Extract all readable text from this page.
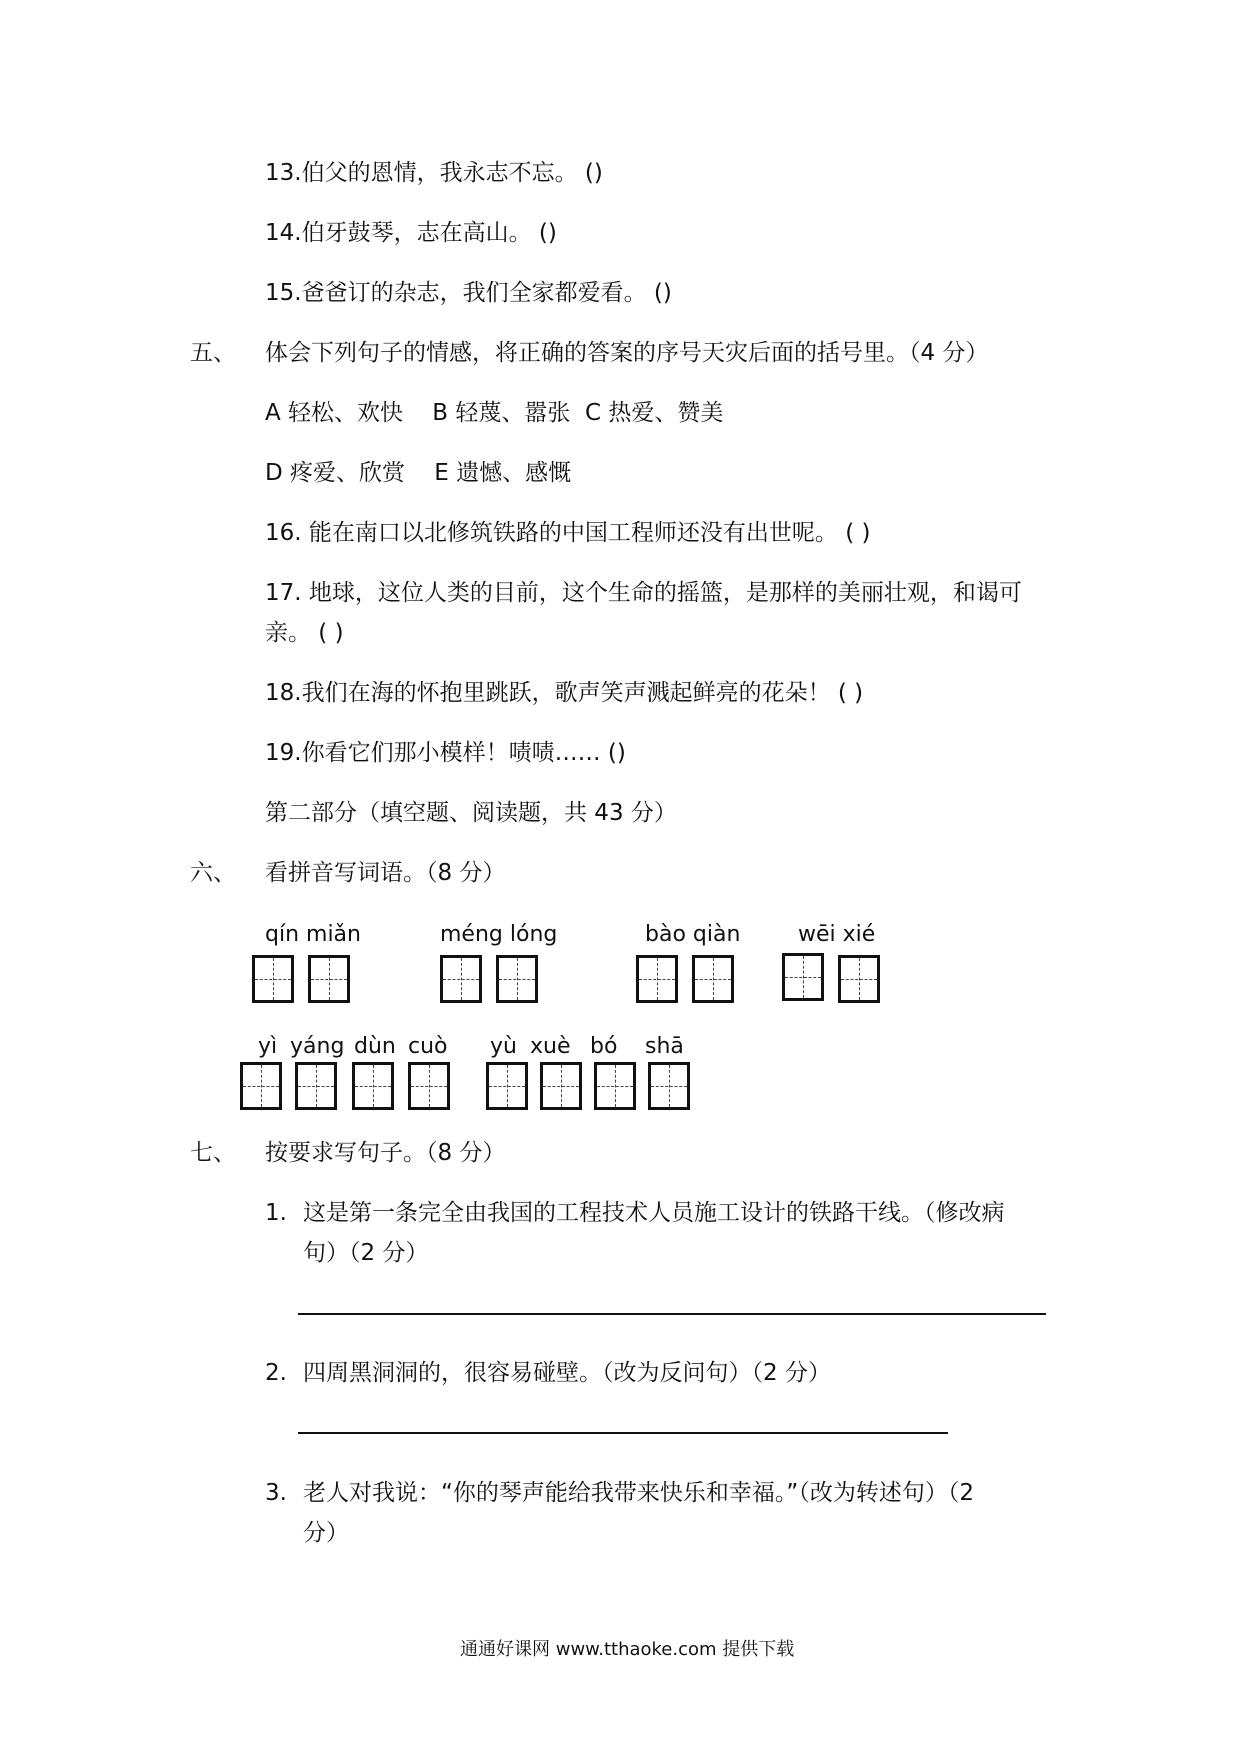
13.伯父的恩情，我永志不忘。 ()
14.伯牙鼓琴，志在高山。 ()
15.爸爸订的杂志，我们全家都爱看。 ()
五、 体会下列句子的情感，将正确的答案的序号天灾后面的括号里。（4 分）
A 轻松、欢快    B 轻蔑、嚣张  C 热爱、赞美
D 疼爱、欣赏    E 遗憾、感慨
16. 能在南口以北修筑铁路的中国工程师还没有出世呢。 ( )
17. 地球，这位人类的目前，这个生命的摇篮，是那样的美丽壮观，和谒可
亲。 ( )
18.我们在海的怀抱里跳跃，歌声笑声溅起鲜亮的花朵！ ( )
19.你看它们那小模样！啧啧…… ()
第二部分（填空题、阅读题，共 43 分）
六、 看拼音写词语。（8 分）
qín miǎn	méng lóng	bào qiàn	wēi xié
yì yáng dùn cuò yù xuè bó shā
七、 按要求写句子。（8 分）
1. 这是第一条完全由我国的工程技术人员施工设计的铁路干线。（修改病
句）（2 分）
2. 四周黑洞洞的，很容易碰壁。（改为反问句）（2 分）
3. 老人对我说：“你的琴声能给我带来快乐和幸福。”（改为转述句）（2
分）
通通好课网 www.tthaoke.com 提供下载
